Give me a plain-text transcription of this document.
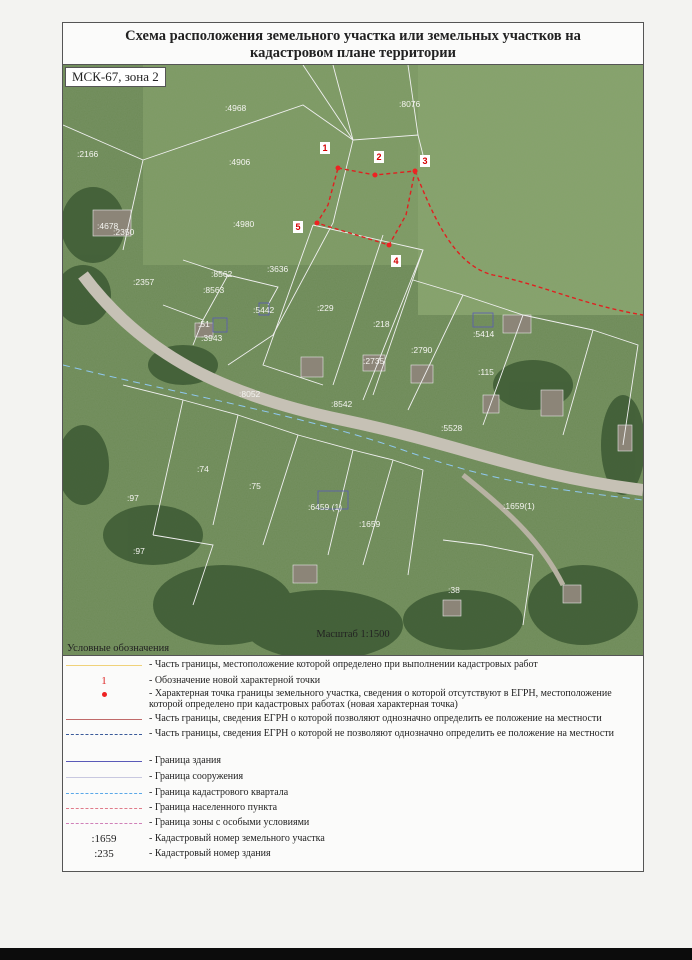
Схема расположения земельного участка или земельных участков на
кадастровом плане территории
1
2	3
4
5
:4968	:8076
:2166
:4906
:4678
:2350
:4980
:2357
:8562
:8563
:3636
:5442
:51
:3943
:229
:218
:2790
:5414
:115
:8052
:8542
:5528
:74
:75
:97
:6459 (1)
:1659
:1659(1)
:97
:38
:2735
МСК-67, зона 2
Масштаб 1:1500
Условные обозначения
- Часть границы, местоположение которой определено при выполнении кадастровых работ
1	- Обозначение новой характерной точки
- Характерная точка границы земельного участка, сведения о которой отсутствуют в ЕГРН, местоположение которой определено при кадастровых работах (новая характерная точка)
- Часть границы, сведения ЕГРН о которой позволяют однозначно определить ее положение на местности
- Часть границы, сведения ЕГРН о которой не позволяют однозначно определить ее положение на местности
- Граница здания
- Граница сооружения
- Граница кадастрового квартала
- Граница населенного пункта
- Граница зоны с особыми условиями
:1659	- Кадастровый номер земельного участка
:235	- Кадастровый номер здания
